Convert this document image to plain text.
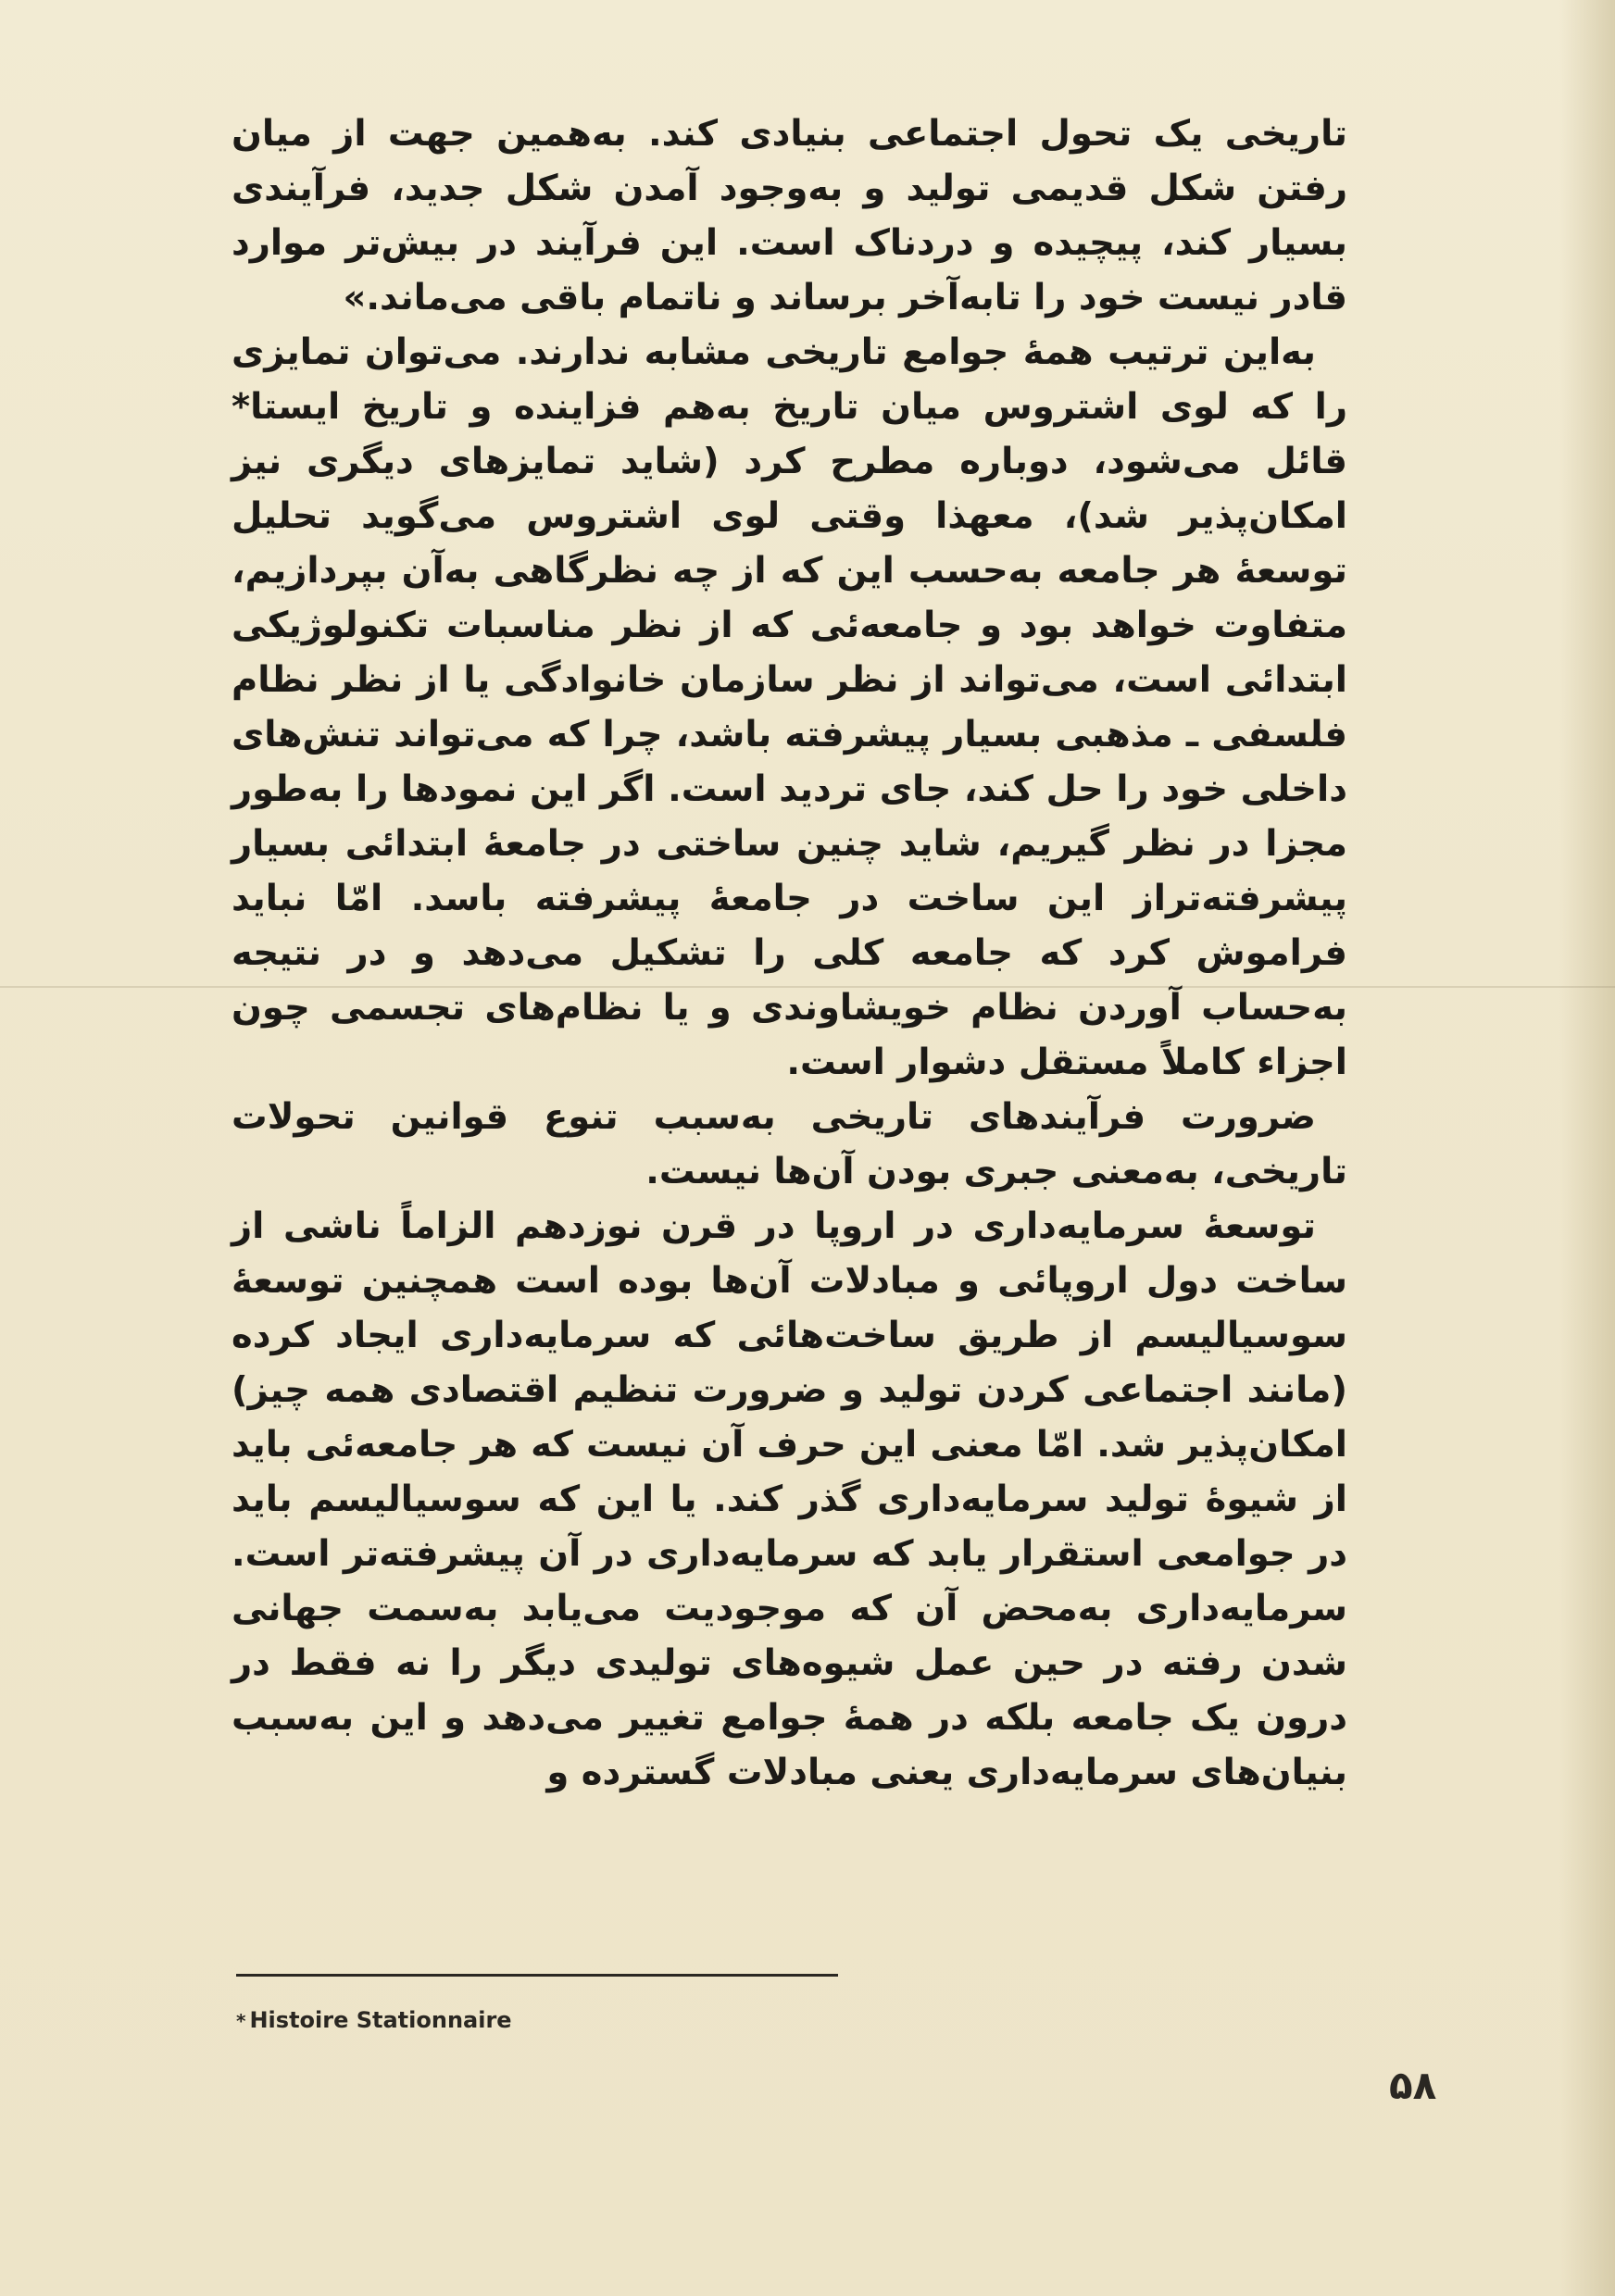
تاریخی یک تحول اجتماعی بنیادی کند. به‌همین جهت از میان رفتن شکل قدیمی تولید و به‌وجود آمدن شکل جدید، فرآیندی بسیار کند، پیچیده و دردناک است. این فرآیند در بیش‌تر موارد قادر نیست خود را تابه‌آخر برساند و ناتمام باقی می‌ماند.»

به‌این ترتیب همهٔ جوامع تاریخی مشابه ندارند. می‌توان تمایزی را که لوی اشتروس میان تاریخ به‌هم فزاینده و تاریخ ایستا* قائل می‌شود، دوباره مطرح کرد (شاید تمایزهای دیگری نیز امکان‌پذیر شد)، معهذا وقتی لوی اشتروس می‌گوید تحلیل توسعهٔ هر جامعه به‌حسب این که از چه نظرگاهی به‌آن بپردازیم، متفاوت خواهد بود و جامعه‌ئی که از نظر مناسبات تکنولوژیکی ابتدائی است، می‌تواند از نظر سازمان خانوادگی یا از نظر نظام فلسفی ـ مذهبی بسیار پیشرفته باشد، چرا که می‌تواند تنش‌های داخلی خود را حل کند، جای تردید است. اگر این نمودها را به‌طور مجزا در نظر گیریم، شاید چنین ساختی در جامعهٔ ابتدائی بسیار پیشرفته‌تراز این ساخت در جامعهٔ پیشرفته باسد. امّا نباید فراموش کرد که جامعه کلی را تشکیل می‌دهد و در نتیجه به‌حساب آوردن نظام خویشاوندی و یا نظام‌های تجسمی چون اجزاء کاملاً مستقل دشوار است.

ضرورت فرآیندهای تاریخی به‌سبب تنوع قوانین تحولات تاریخی، به‌معنی جبری بودن آن‌ها نیست.

توسعهٔ سرمایه‌داری در اروپا در قرن نوزدهم الزاماً ناشی از ساخت دول اروپائی و مبادلات آن‌ها بوده است همچنین توسعهٔ سوسیالیسم از طریق ساخت‌هائی که سرمایه‌داری ایجاد کرده (مانند اجتماعی کردن تولید و ضرورت تنظیم اقتصادی همه چیز) امکان‌پذیر شد. امّا معنی این حرف آن نیست که هر جامعه‌ئی باید از شیوهٔ تولید سرمایه‌داری گذر کند. یا این که سوسیالیسم باید در جوامعی استقرار یابد که سرمایه‌داری در آن پیشرفته‌تر است. سرمایه‌داری به‌محض آن که موجودیت می‌یابد به‌سمت جهانی شدن رفته در حین عمل شیوه‌های تولیدی دیگر را نه فقط در درون یک جامعه بلکه در همهٔ جوامع تغییر می‌دهد و این به‌سبب بنیان‌های سرمایه‌داری یعنی مبادلات گسترده و

* Histoire Stationnaire
۵۸
